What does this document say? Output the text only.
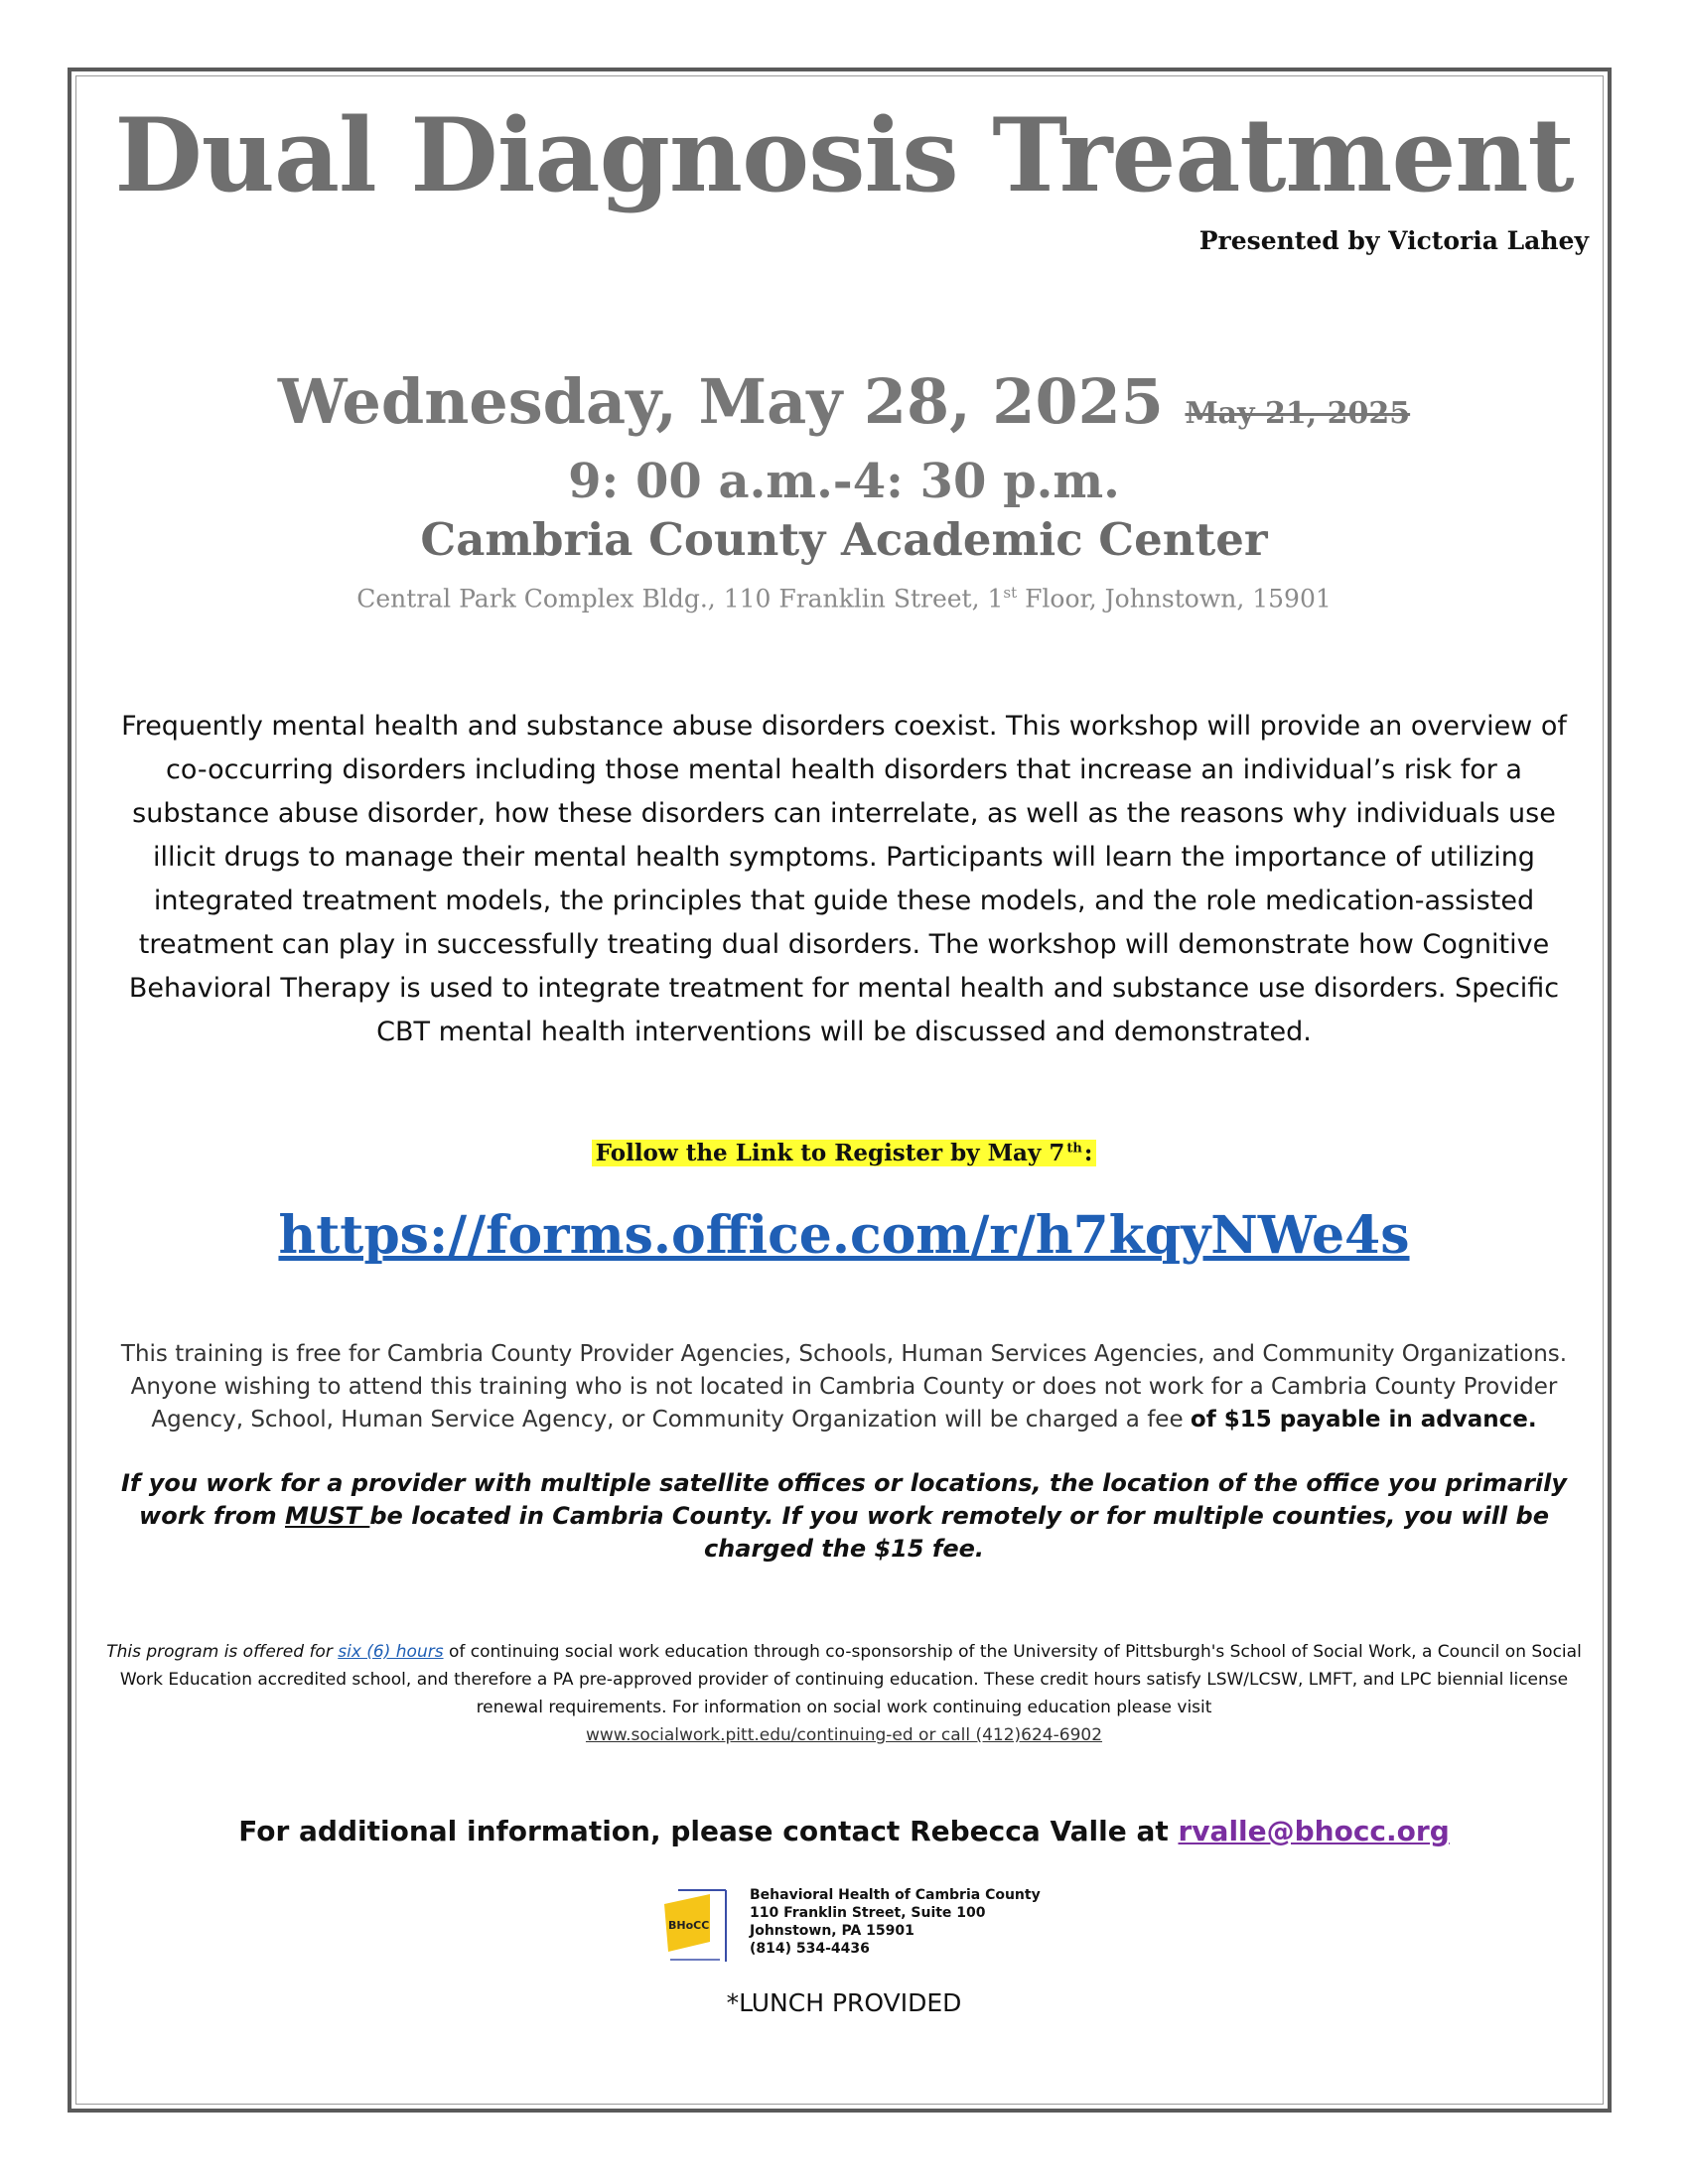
Dual Diagnosis Treatment
Presented by Victoria Lahey
Wednesday, May 28, 2025 May 21, 2025
9: 00 a.m.-4: 30 p.m.
Cambria County Academic Center
Central Park Complex Bldg., 110 Franklin Street, 1st Floor, Johnstown, 15901
Frequently mental health and substance abuse disorders coexist. This workshop will provide an overview of co-occurring disorders including those mental health disorders that increase an individual’s risk for a substance abuse disorder, how these disorders can interrelate, as well as the reasons why individuals use illicit drugs to manage their mental health symptoms. Participants will learn the importance of utilizing integrated treatment models, the principles that guide these models, and the role medication-assisted treatment can play in successfully treating dual disorders. The workshop will demonstrate how Cognitive Behavioral Therapy is used to integrate treatment for mental health and substance use disorders. Specific CBT mental health interventions will be discussed and demonstrated.
Follow the Link to Register by May 7 $^{th}$:
https://forms.office.com/r/h7kqyNWe4s
This training is free for Cambria County Provider Agencies, Schools, Human Services Agencies, and Community Organizations. Anyone wishing to attend this training who is not located in Cambria County or does not work for a Cambria County Provider Agency, School, Human Service Agency, or Community Organization will be charged a fee of $15 payable in advance.
If you work for a provider with multiple satellite offices or locations, the location of the office you primarily work from MUST be located in Cambria County. If you work remotely or for multiple counties, you will be charged the $15 fee.
This program is offered for six (6) hours of continuing social work education through co-sponsorship of the University of Pittsburgh's School of Social Work, a Council on Social Work Education accredited school, and therefore a PA pre-approved provider of continuing education. These credit hours satisfy LSW/LCSW, LMFT, and LPC biennial license renewal requirements. For information on social work continuing education please visit
www.socialwork.pitt.edu/continuing-ed or call (412)624-6902
For additional information, please contact Rebecca Valle at rvalle@bhocc.org
BHoCC
Behavioral Health of Cambria County
110 Franklin Street, Suite 100
Johnstown, PA 15901
(814) 534-4436
*LUNCH PROVIDED
